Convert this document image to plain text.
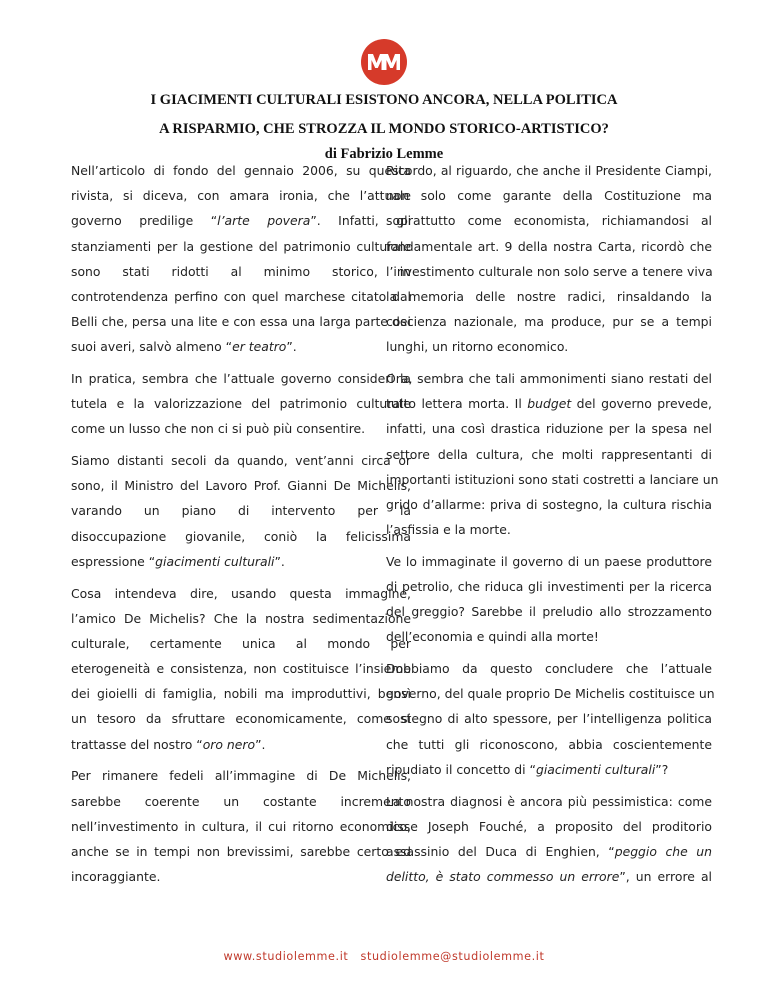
I GIACIMENTI CULTURALI ESISTONO ANCORA, NELLA POLITICA
A RISPARMIO, CHE STROZZA IL MONDO STORICO-ARTISTICO?
di Fabrizio Lemme
Nell’articolo di fondo del gennaio 2006, su questa
rivista, si diceva, con amara ironia, che l’attuale
governo predilige “l’arte povera”. Infatti, gli
stanziamenti per la gestione del patrimonio culturale
sono stati ridotti al minimo storico, in
controtendenza perfino con quel marchese citato dal
Belli che, persa una lite e con essa una larga parte dei
suoi averi, salvò almeno “er teatro”.
In pratica, sembra che l’attuale governo consideri la
tutela e la valorizzazione del patrimonio culturale
come un lusso che non ci si può più consentire.
Siamo distanti secoli da quando, vent’anni circa or
sono, il Ministro del Lavoro Prof. Gianni De Michelis,
varando un piano di intervento per la
disoccupazione giovanile, coniò la felicissima
espressione “giacimenti culturali”.
Cosa intendeva dire, usando questa immagine,
l’amico De Michelis? Che la nostra sedimentazione
culturale, certamente unica al mondo per
eterogeneità e consistenza, non costituisce l’insieme
dei gioielli di famiglia, nobili ma improduttivi, bensì
un tesoro da sfruttare economicamente, come si
trattasse del nostro “oro nero”.
Per rimanere fedeli all’immagine di De Michelis,
sarebbe coerente un costante incremento
nell’investimento in cultura, il cui ritorno economico,
anche se in tempi non brevissimi, sarebbe certo ed
incoraggiante.
Ricordo, al riguardo, che anche il Presidente Ciampi,
non solo come garante della Costituzione ma
soprattutto come economista, richiamandosi al
fondamentale art. 9 della nostra Carta, ricordò che
l’investimento culturale non solo serve a tenere viva
la memoria delle nostre radici, rinsaldando la
coscienza nazionale, ma produce, pur se a tempi
lunghi, un ritorno economico.
Ora, sembra che tali ammonimenti siano restati del
tutto lettera morta. Il budget del governo prevede,
infatti, una così drastica riduzione per la spesa nel
settore della cultura, che molti rappresentanti di
importanti istituzioni sono stati costretti a lanciare un
grido d’allarme: priva di sostegno, la cultura rischia
l’asfissia e la morte.
Ve lo immaginate il governo di un paese produttore
di petrolio, che riduca gli investimenti per la ricerca
del greggio? Sarebbe il preludio allo strozzamento
dell’economia e quindi alla morte!
Dobbiamo da questo concludere che l’attuale
governo, del quale proprio De Michelis costituisce un
sostegno di alto spessore, per l’intelligenza politica
che tutti gli riconoscono, abbia coscientemente
ripudiato il concetto di “giacimenti culturali”?
La nostra diagnosi è ancora più pessimistica: come
disse Joseph Fouché, a proposito del proditorio
assassinio del Duca di Enghien, “peggio che un
delitto, è stato commesso un errore”, un errore al
www.studiolemme.it studiolemme@studiolemme.it
